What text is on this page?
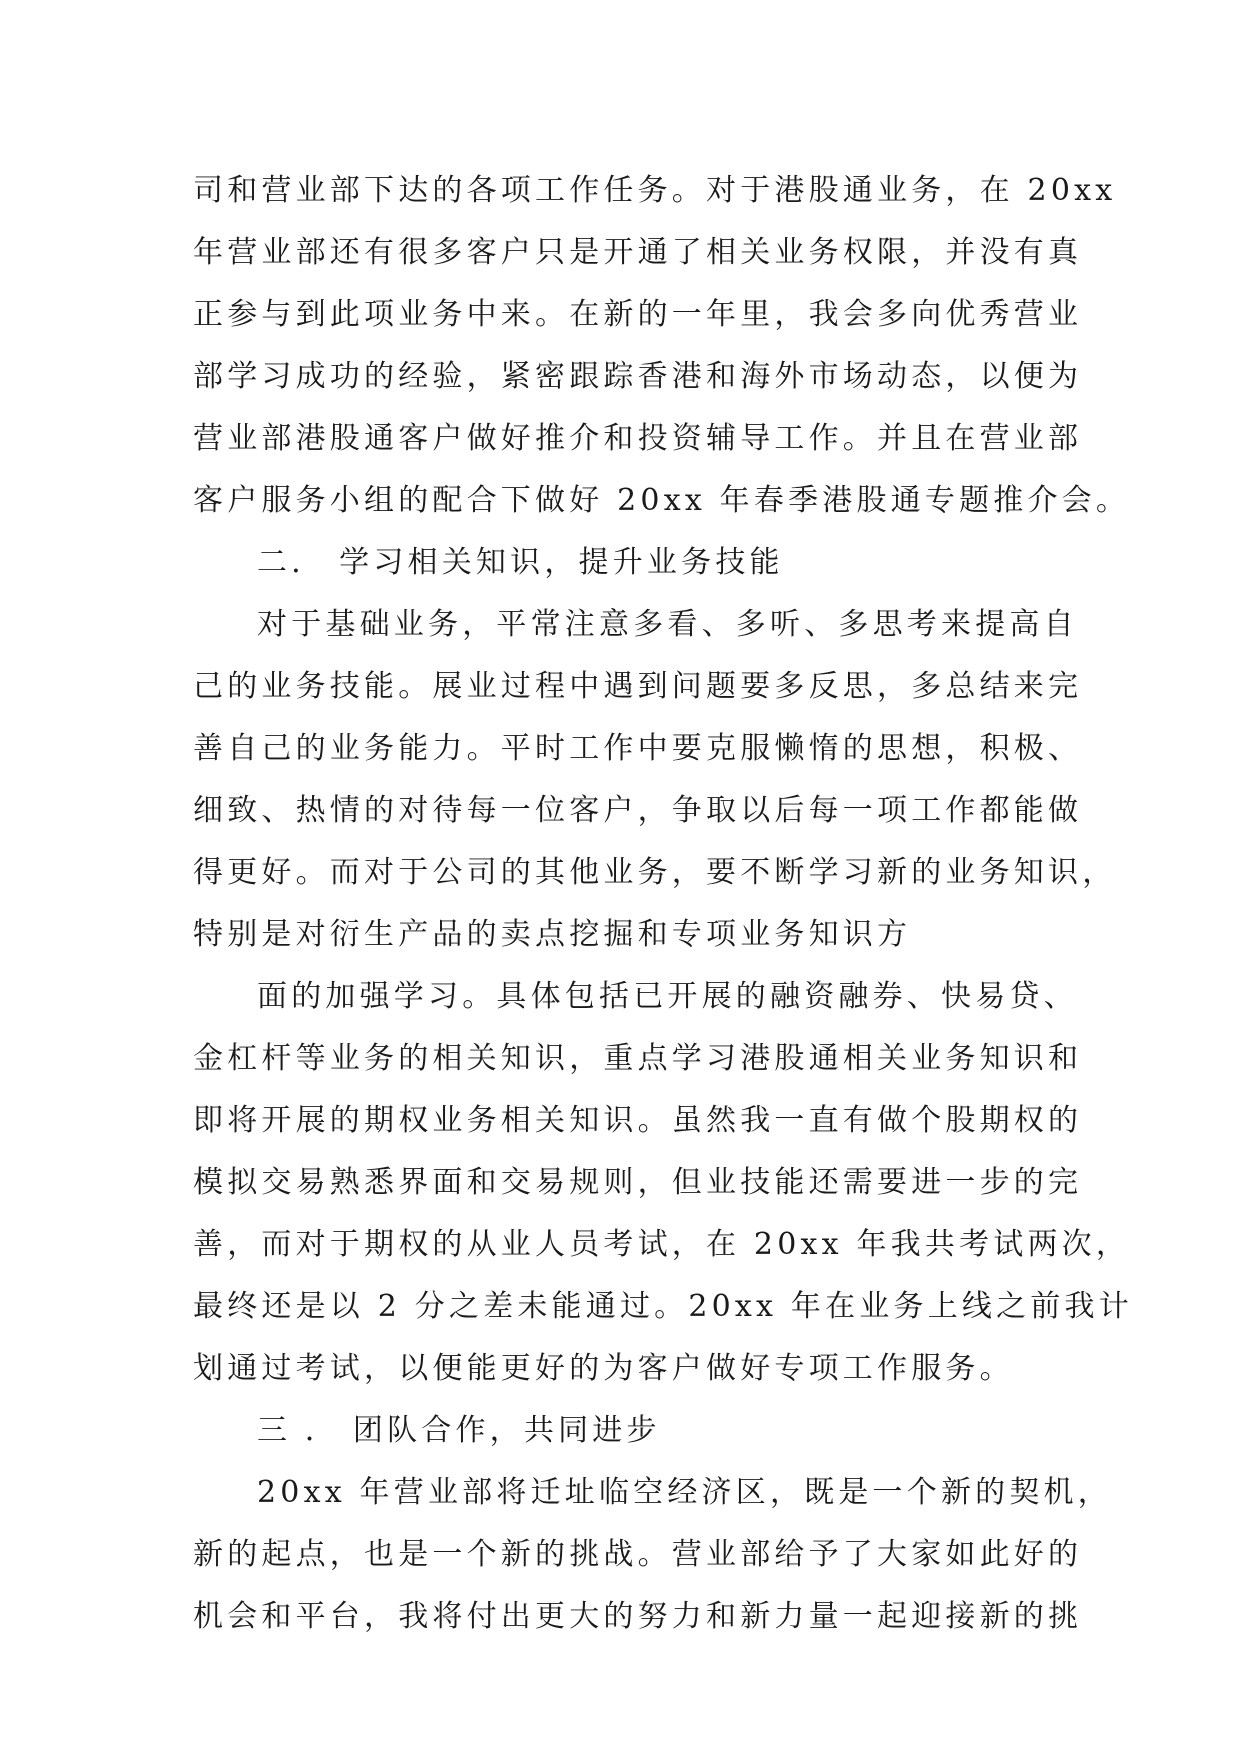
司和营业部下达的各项工作任务。对于港股通业务，在 20xx
年营业部还有很多客户只是开通了相关业务权限，并没有真
正参与到此项业务中来。在新的一年里，我会多向优秀营业
部学习成功的经验，紧密跟踪香港和海外市场动态，以便为
营业部港股通客户做好推介和投资辅导工作。并且在营业部
客户服务小组的配合下做好 20xx 年春季港股通专题推介会。
二． 学习相关知识，提升业务技能
对于基础业务，平常注意多看、多听、多思考来提高自
己的业务技能。展业过程中遇到问题要多反思，多总结来完
善自己的业务能力。平时工作中要克服懒惰的思想，积极、
细致、热情的对待每一位客户，争取以后每一项工作都能做
得更好。而对于公司的其他业务，要不断学习新的业务知识，
特别是对衍生产品的卖点挖掘和专项业务知识方
面的加强学习。具体包括已开展的融资融券、快易贷、
金杠杆等业务的相关知识，重点学习港股通相关业务知识和
即将开展的期权业务相关知识。虽然我一直有做个股期权的
模拟交易熟悉界面和交易规则，但业技能还需要进一步的完
善，而对于期权的从业人员考试，在 20xx 年我共考试两次，
最终还是以 2 分之差未能通过。20xx 年在业务上线之前我计
划通过考试，以便能更好的为客户做好专项工作服务。
三 ． 团队合作，共同进步
20xx 年营业部将迁址临空经济区，既是一个新的契机，
新的起点，也是一个新的挑战。营业部给予了大家如此好的
机会和平台，我将付出更大的努力和新力量一起迎接新的挑
